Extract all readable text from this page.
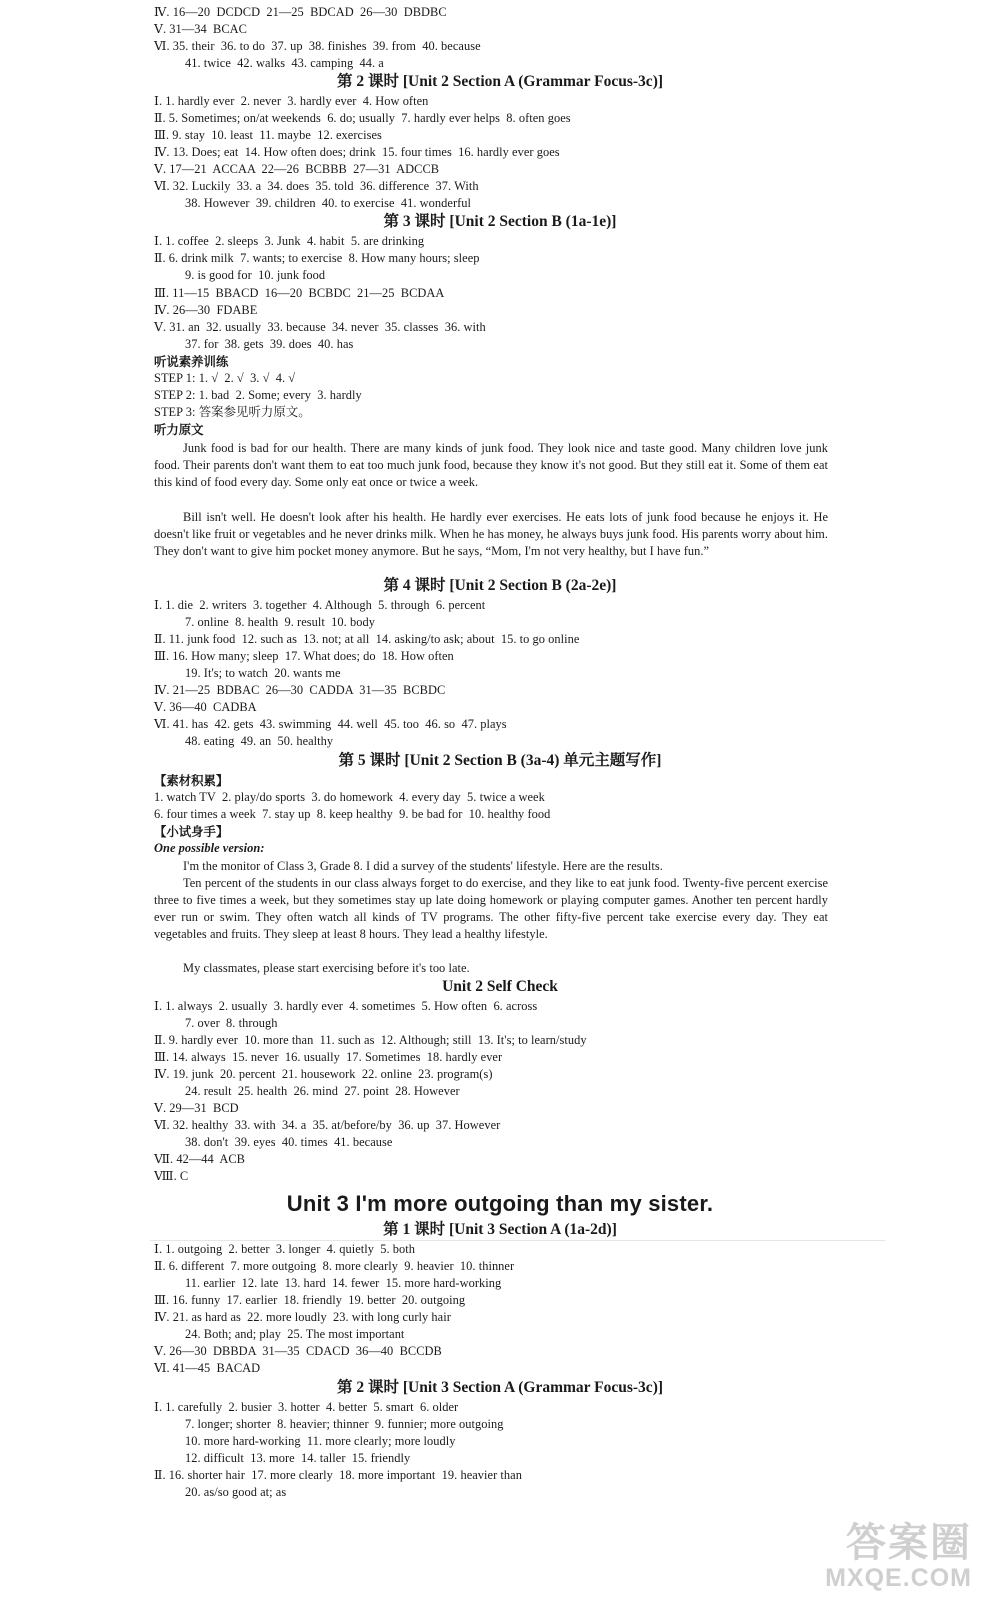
Ⅳ. 16—20  DCDCD  21—25  BDCAD  26—30  DBDBC
Ⅴ. 31—34  BCAC
Ⅵ. 35. their  36. to do  37. up  38. finishes  39. from  40. because
41. twice  42. walks  43. camping  44. a
第 2 课时 [Unit 2 Section A (Grammar Focus-3c)]
Ⅰ. 1. hardly ever  2. never  3. hardly ever  4. How often
Ⅱ. 5. Sometimes; on/at weekends  6. do; usually  7. hardly ever helps  8. often goes
Ⅲ. 9. stay  10. least  11. maybe  12. exercises
Ⅳ. 13. Does; eat  14. How often does; drink  15. four times  16. hardly ever goes
Ⅴ. 17—21  ACCAA  22—26  BCBBB  27—31  ADCCB
Ⅵ. 32. Luckily  33. a  34. does  35. told  36. difference  37. With
38. However  39. children  40. to exercise  41. wonderful
第 3 课时 [Unit 2 Section B (1a-1e)]
Ⅰ. 1. coffee  2. sleeps  3. Junk  4. habit  5. are drinking
Ⅱ. 6. drink milk  7. wants; to exercise  8. How many hours; sleep
9. is good for  10. junk food
Ⅲ. 11—15  BBACD  16—20  BCBDC  21—25  BCDAA
Ⅳ. 26—30  FDABE
Ⅴ. 31. an  32. usually  33. because  34. never  35. classes  36. with
37. for  38. gets  39. does  40. has
听说素养训练
STEP 1: 1. √  2. √  3. √  4. √
STEP 2: 1. bad  2. Some; every  3. hardly
STEP 3: 答案参见听力原文。
听力原文
Junk food is bad for our health. There are many kinds of junk food. They look nice and taste good. Many children love junk food. Their parents don't want them to eat too much junk food, because they know it's not good. But they still eat it. Some of them eat this kind of food every day. Some only eat once or twice a week.
Bill isn't well. He doesn't look after his health. He hardly ever exercises. He eats lots of junk food because he enjoys it. He doesn't like fruit or vegetables and he never drinks milk. When he has money, he always buys junk food. His parents worry about him. They don't want to give him pocket money anymore. But he says, “Mom, I'm not very healthy, but I have fun.”
第 4 课时 [Unit 2 Section B (2a-2e)]
Ⅰ. 1. die  2. writers  3. together  4. Although  5. through  6. percent
7. online  8. health  9. result  10. body
Ⅱ. 11. junk food  12. such as  13. not; at all  14. asking/to ask; about  15. to go online
Ⅲ. 16. How many; sleep  17. What does; do  18. How often
19. It's; to watch  20. wants me
Ⅳ. 21—25  BDBAC  26—30  CADDA  31—35  BCBDC
Ⅴ. 36—40  CADBA
Ⅵ. 41. has  42. gets  43. swimming  44. well  45. too  46. so  47. plays
48. eating  49. an  50. healthy
第 5 课时 [Unit 2 Section B (3a-4) 单元主题写作]
【素材积累】
1. watch TV  2. play/do sports  3. do homework  4. every day  5. twice a week
6. four times a week  7. stay up  8. keep healthy  9. be bad for  10. healthy food
【小试身手】
One possible version:
I'm the monitor of Class 3, Grade 8. I did a survey of the students' lifestyle. Here are the results.
Ten percent of the students in our class always forget to do exercise, and they like to eat junk food. Twenty-five percent exercise three to five times a week, but they sometimes stay up late doing homework or playing computer games. Another ten percent hardly ever run or swim. They often watch all kinds of TV programs. The other fifty-five percent take exercise every day. They eat vegetables and fruits. They sleep at least 8 hours. They lead a healthy lifestyle.
My classmates, please start exercising before it's too late.
Unit 2 Self Check
Ⅰ. 1. always  2. usually  3. hardly ever  4. sometimes  5. How often  6. across
7. over  8. through
Ⅱ. 9. hardly ever  10. more than  11. such as  12. Although; still  13. It's; to learn/study
Ⅲ. 14. always  15. never  16. usually  17. Sometimes  18. hardly ever
Ⅳ. 19. junk  20. percent  21. housework  22. online  23. program(s)
24. result  25. health  26. mind  27. point  28. However
Ⅴ. 29—31  BCD
Ⅵ. 32. healthy  33. with  34. a  35. at/before/by  36. up  37. However
38. don't  39. eyes  40. times  41. because
Ⅶ. 42—44  ACB
Ⅷ. C
Unit 3 I'm more outgoing than my sister.
第 1 课时 [Unit 3 Section A (1a-2d)]
Ⅰ. 1. outgoing  2. better  3. longer  4. quietly  5. both
Ⅱ. 6. different  7. more outgoing  8. more clearly  9. heavier  10. thinner
11. earlier  12. late  13. hard  14. fewer  15. more hard-working
Ⅲ. 16. funny  17. earlier  18. friendly  19. better  20. outgoing
Ⅳ. 21. as hard as  22. more loudly  23. with long curly hair
24. Both; and; play  25. The most important
Ⅴ. 26—30  DBBDA  31—35  CDACD  36—40  BCCDB
Ⅵ. 41—45  BACAD
第 2 课时 [Unit 3 Section A (Grammar Focus-3c)]
Ⅰ. 1. carefully  2. busier  3. hotter  4. better  5. smart  6. older
7. longer; shorter  8. heavier; thinner  9. funnier; more outgoing
10. more hard-working  11. more clearly; more loudly
12. difficult  13. more  14. taller  15. friendly
Ⅱ. 16. shorter hair  17. more clearly  18. more important  19. heavier than
20. as/so good at; as
答案圈
MXQE.COM
